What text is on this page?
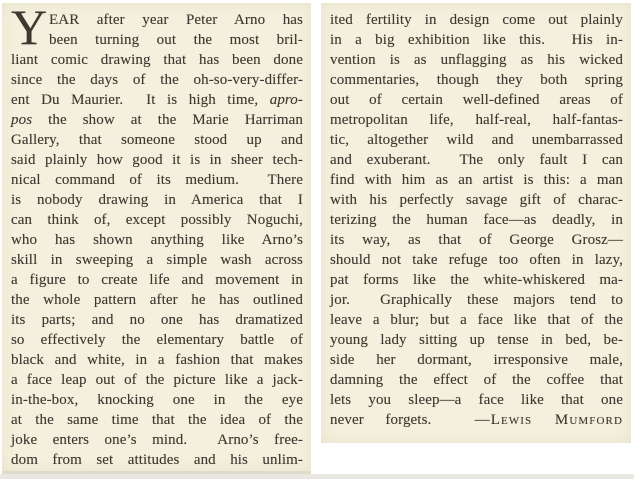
Y EAR after year Peter Arno has
been turning out the most bril-
liant comic drawing that has been done
since the days of the oh-so-very-differ-
ent Du Maurier.  It is high time, apro-
pos the show at the Marie Harriman
Gallery, that someone stood up and
said plainly how good it is in sheer tech-
nical command of its medium.  There
is nobody drawing in America that I
can think of, except possibly Noguchi,
who has shown anything like Arno’s
skill in sweeping a simple wash across
a figure to create life and movement in
the whole pattern after he has outlined
its parts; and no one has dramatized
so effectively the elementary battle of
black and white, in a fashion that makes
a face leap out of the picture like a jack-
in-the-box, knocking one in the eye
at the same time that the idea of the
joke enters one’s mind.  Arno’s free-
dom from set attitudes and his unlim-
ited fertility in design come out plainly
in a big exhibition like this.  His in-
vention is as unflagging as his wicked
commentaries, though they both spring
out of certain well-defined areas of
metropolitan life, half-real, half-fantas-
tic, altogether wild and unembarrassed
and exuberant.  The only fault I can
find with him as an artist is this: a man
with his perfectly savage gift of charac-
terizing the human face—as deadly, in
its way, as that of George Grosz—
should not take refuge too often in lazy,
pat forms like the white-whiskered ma-
jor.  Graphically these majors tend to
leave a blur; but a face like that of the
young lady sitting up tense in bed, be-
side her dormant, irresponsive male,
damning the effect of the coffee that
lets you sleep—a face like that one
never forgets.  —Lewis Mumford
